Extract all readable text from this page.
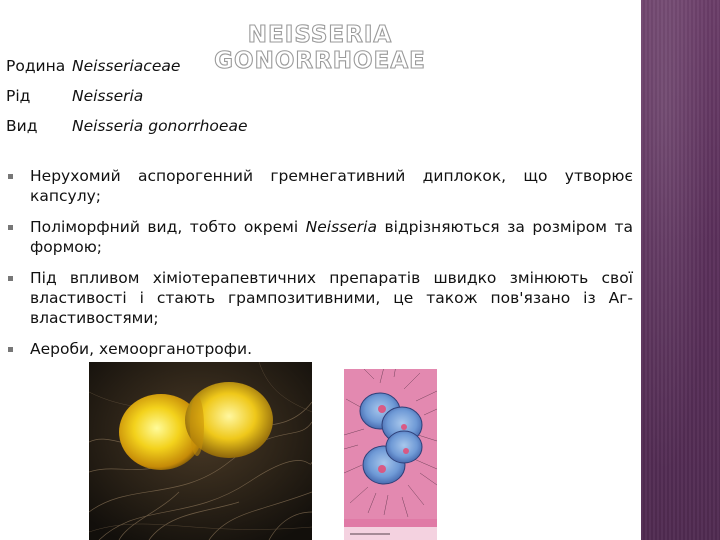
NEISSERIA GONORRHOEAE
Родина Neisseriaceae
Рід	Neisseria
Вид Neisseria gonorrhoeae
Нерухомий аспорогенний гремнегативний диплокок, що утворює капсулу;
Поліморфний вид, тобто окремі Neisseria відрізняються за розміром та формою;
Під впливом хіміотерапевтичних препаратів швидко змінюють свої властивості і стають грампозитивними, це також пов'язано із Аг-властивостями;
Аероби, хемоорганотрофи.
